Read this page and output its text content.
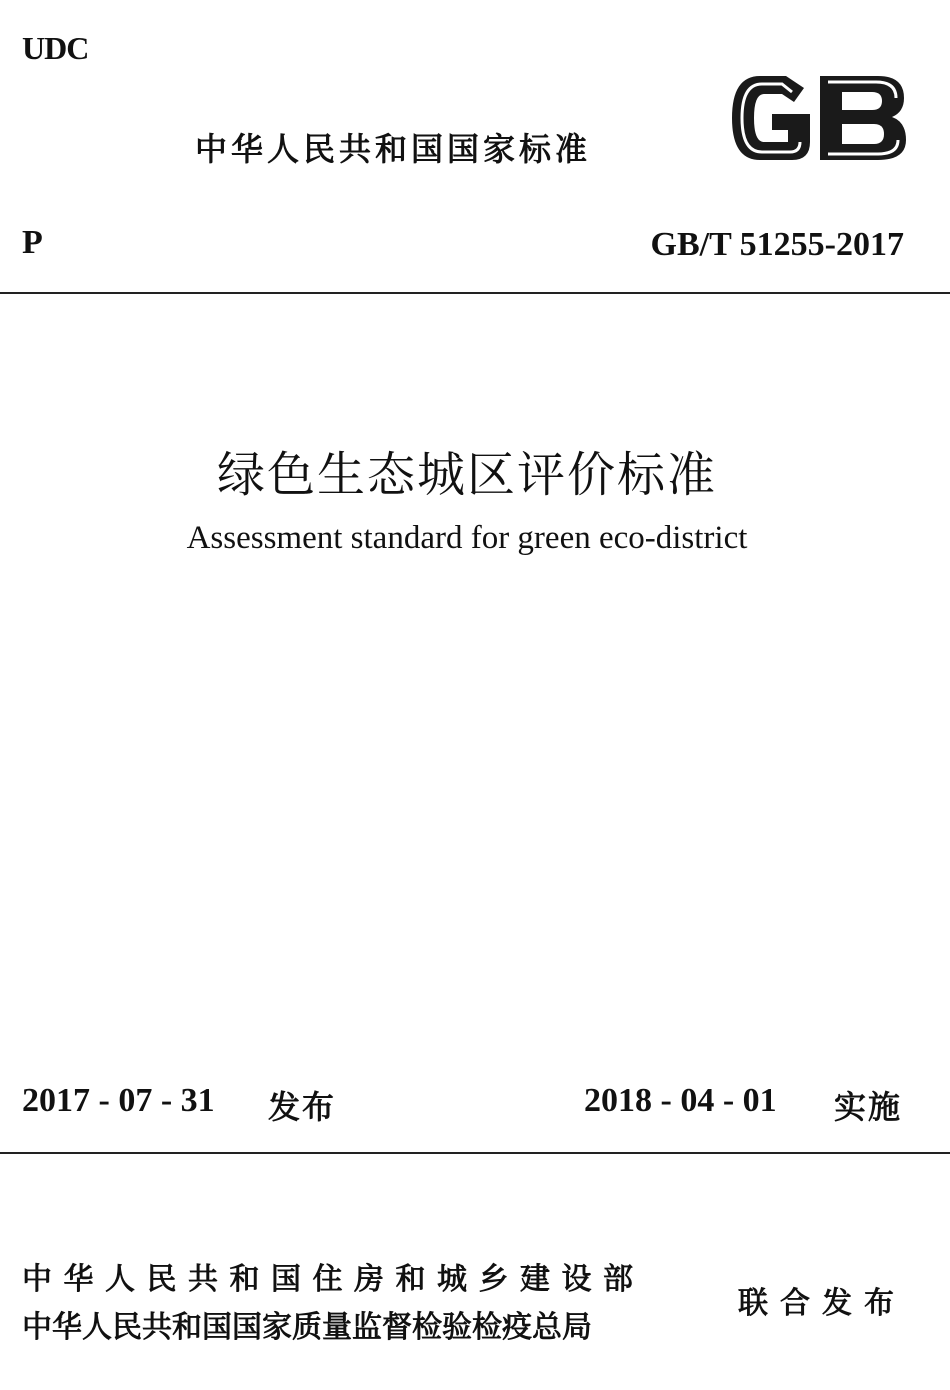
UDC
中华人民共和国国家标准
P	GB/T 51255-2017
绿色生态城区评价标准
Assessment standard for green eco-district
2017 - 07 - 31 发布	2018 - 04 - 01 实施
中华人民共和国住房和城乡建设部
中华人民共和国国家质量监督检验检疫总局
联合发布
